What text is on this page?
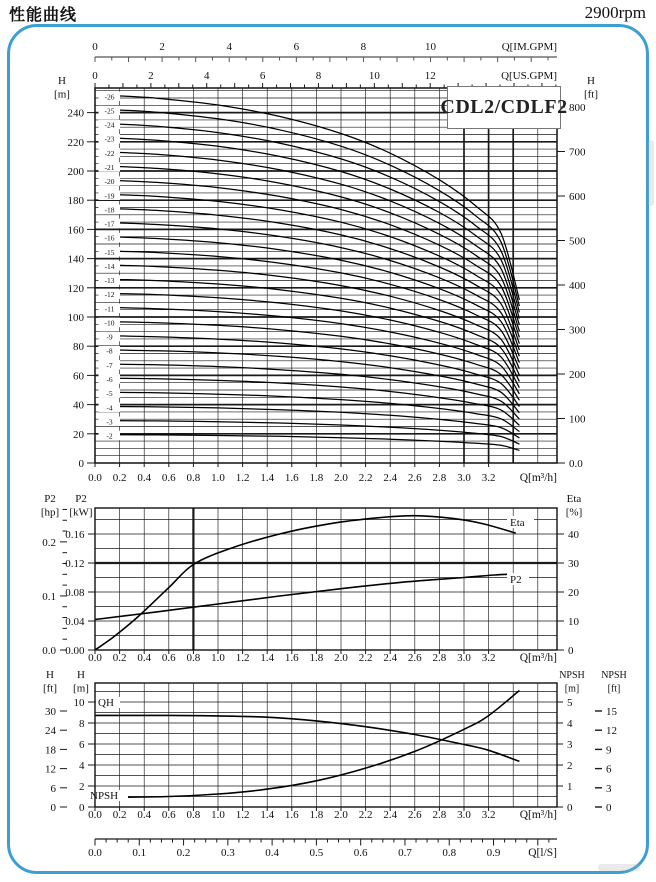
性能曲线	2900rpm
-2
-3
-4
-5
-6
-7
-8
-9
-10
-11
-12
-13
-14
-15
-16
-17
-18
-19
-20
-21
-22
-23
-24
-25
-26
H
[m]
0
20
40
60
80
100
120
140
160
180
200
220
240
H
[ft]
0.0
100
200
300
400
500
600
700
800
0.0 0.2 0.4 0.6 0.8 1.0 1.2 1.4 1.6 1.8 2.0 2.2 2.4 2.6 2.8 3.0 3.2 Q[m³/h]
0	2	4	6	8	10	Q[IM.GPM]
0	2	4	6	8	10	12	Q[US.GPM]
Eta
P2
P2
[hp]
0.0
0.1
0.2
P2
[kW]
0.00
0.04
0.08
0.12
0.16
Eta
[%]
0
10
20
30
40
0.0 0.2 0.4 0.6 0.8 1.0 1.2 1.4 1.6 1.8 2.0 2.2 2.4 2.6 2.8 3.0 3.2 Q[m³/h]
QH
NPSH
H
[ft]
0
6
12
18
24
30
H
[m]
0
2
4
6
8
10
NPSH
[m]
0
1
2
3
4
5
NPSH
[ft]
0
3
6
9
12
15
0.0 0.2 0.4 0.6 0.8 1.0 1.2 1.4 1.6 1.8 2.0 2.2 2.4 2.6 2.8 3.0 3.2 Q[m³/h]
0.0	0.1	0.2	0.3	0.4	0.5	0.6	0.7	0.8	0.9 Q[l/S]
CDL2/CDLF2
